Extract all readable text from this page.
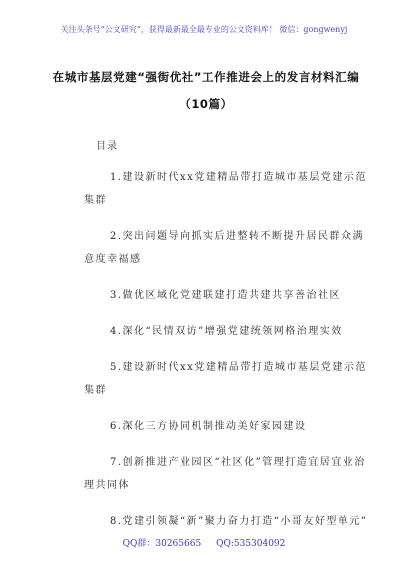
关注头条号“公文研究”，获得最新最全最专业的公文资料库！ 微信：gongwenyj
在城市基层党建“强街优社”工作推进会上的发言材料汇编（10篇）
目录
1.建设新时代xx党建精品带打造城市基层党建示范集群
2.突出问题导向抓实后进整转不断提升居民群众满意度幸福感
3.做优区域化党建联建打造共建共享善治社区
4.深化“民情双访”增强党建统领网格治理实效
5.建设新时代xx党建精品带打造城市基层党建示范集群
6.深化三方协同机制推动美好家园建设
7.创新推进产业园区“社区化”管理打造宜居宜业治理共同体
8.党建引领凝“新”聚力奋力打造“小哥友好型单元”
QQ群：30265665 QQ:535304092
